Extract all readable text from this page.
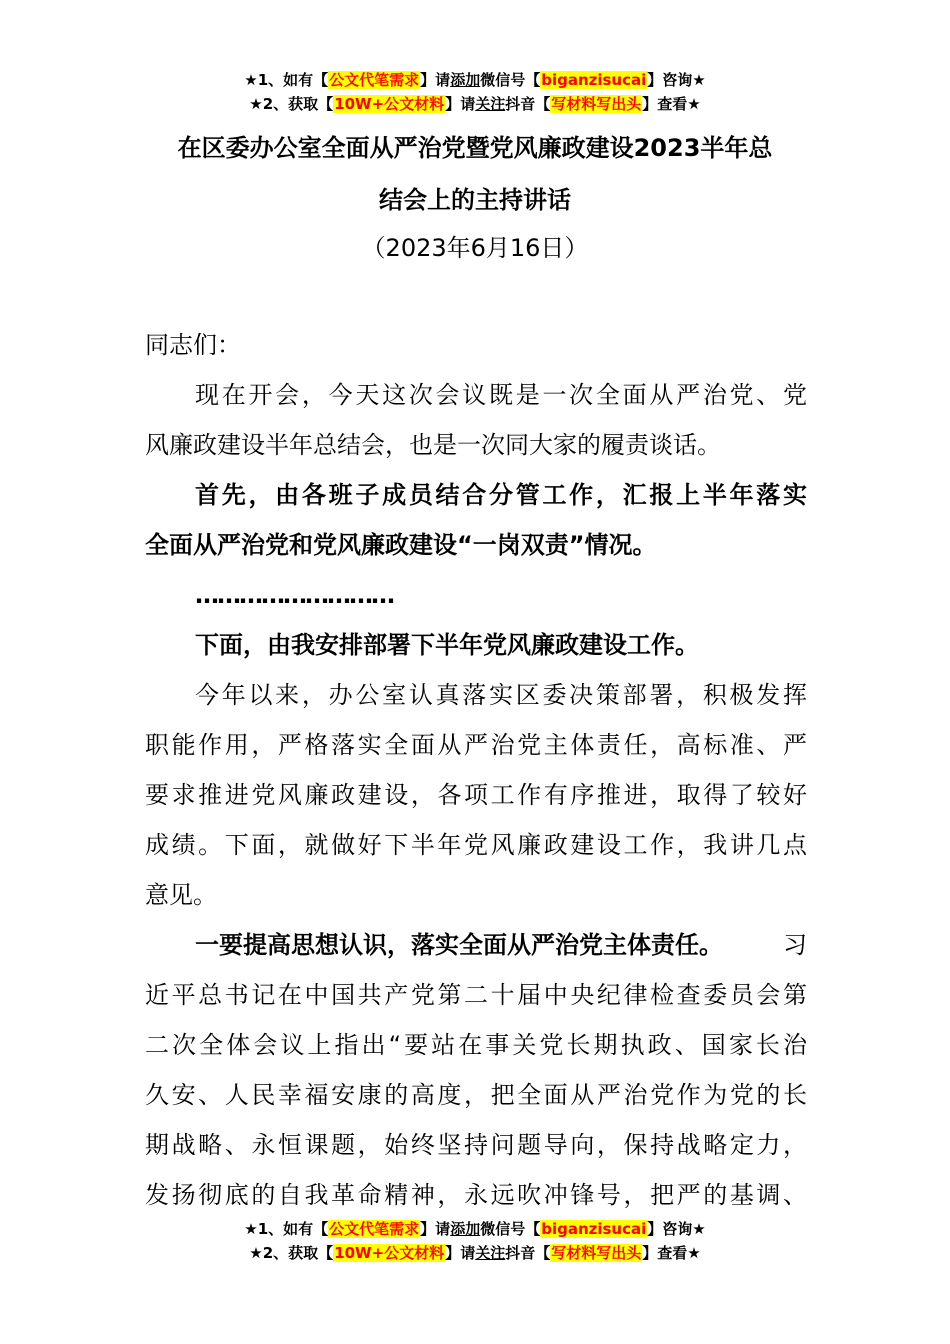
★1、如有【公文代笔需求】请添加微信号【biganzisucai】咨询★
★2、获取【10W+公文材料】请关注抖音【写材料写出头】查看★
在区委办公室全面从严治党暨党风廉政建设2023半年总
结会上的主持讲话
（2023年6月16日）
同志们：
现在开会，今天这次会议既是一次全面从严治党、党
风廉政建设半年总结会，也是一次同大家的履责谈话。
首先，由各班子成员结合分管工作，汇报上半年落实
全面从严治党和党风廉政建设“一岗双责”情况。
………………………
下面，由我安排部署下半年党风廉政建设工作。
今年以来，办公室认真落实区委决策部署，积极发挥
职能作用，严格落实全面从严治党主体责任，高标准、严
要求推进党风廉政建设，各项工作有序推进，取得了较好
成绩。下面，就做好下半年党风廉政建设工作，我讲几点
意见。
一要提高思想认识，落实全面从严治党主体责任。	习
近平总书记在中国共产党第二十届中央纪律检查委员会第
二次全体会议上指出“要站在事关党长期执政、国家长治
久安、人民幸福安康的高度，把全面从严治党作为党的长
期战略、永恒课题，始终坚持问题导向，保持战略定力，
发扬彻底的自我革命精神，永远吹冲锋号，把严的基调、
★1、如有【公文代笔需求】请添加微信号【biganzisucai】咨询★
★2、获取【10W+公文材料】请关注抖音【写材料写出头】查看★
